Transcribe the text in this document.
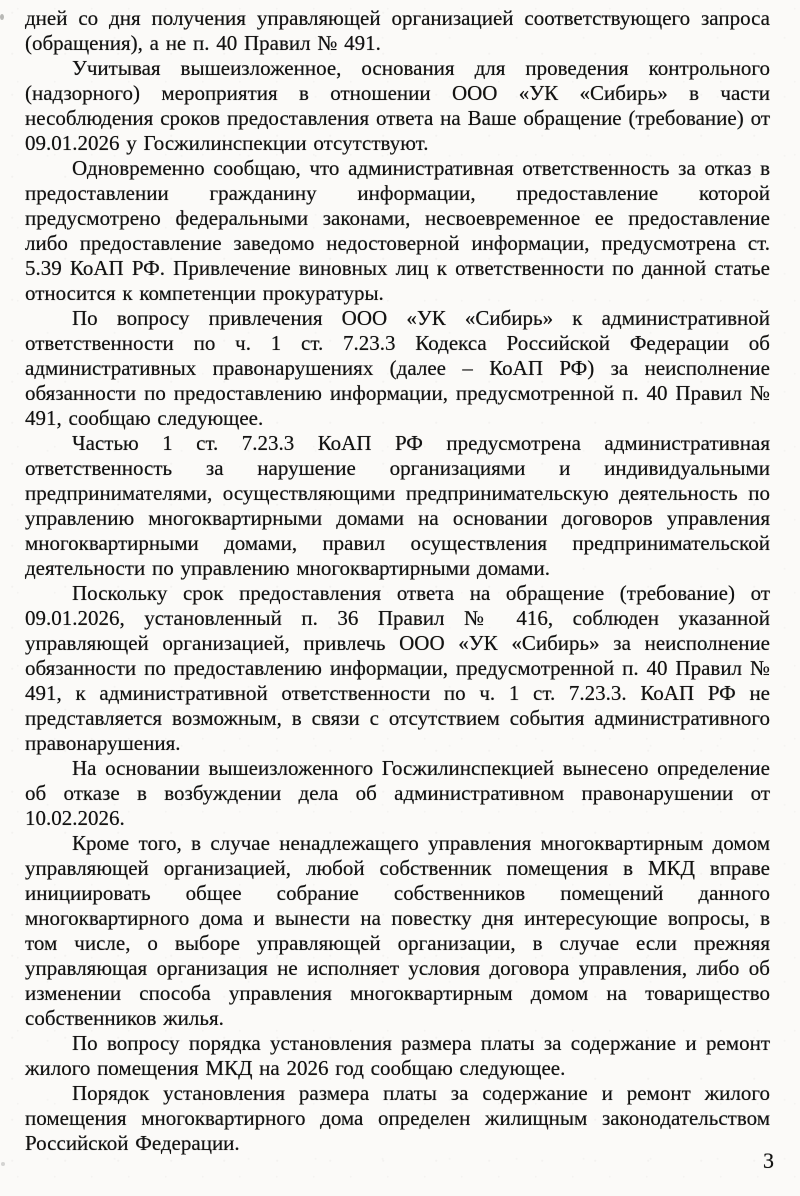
дней со дня получения управляющей организацией соответствующего запроса (обращения), а не п. 40 Правил № 491.

Учитывая вышеизложенное, основания для проведения контрольного (надзорного) мероприятия в отношении ООО «УК «Сибирь» в части несоблюдения сроков предоставления ответа на Ваше обращение (требование) от 09.01.2026 у Госжилинспекции отсутствуют.

Одновременно сообщаю, что административная ответственность за отказ в предоставлении гражданину информации, предоставление которой предусмотрено федеральными законами, несвоевременное ее предоставление либо предоставление заведомо недостоверной информации, предусмотрена ст. 5.39 КоАП РФ. Привлечение виновных лиц к ответственности по данной статье относится к компетенции прокуратуры.

По вопросу привлечения ООО «УК «Сибирь» к административной ответственности по ч. 1 ст. 7.23.3 Кодекса Российской Федерации об административных правонарушениях (далее – КоАП РФ) за неисполнение обязанности по предоставлению информации, предусмотренной п. 40 Правил № 491, сообщаю следующее.

Частью 1 ст. 7.23.3 КоАП РФ предусмотрена административная ответственность за нарушение организациями и индивидуальными предпринимателями, осуществляющими предпринимательскую деятельность по управлению многоквартирными домами на основании договоров управления многоквартирными домами, правил осуществления предпринимательской деятельности по управлению многоквартирными домами.

Поскольку срок предоставления ответа на обращение (требование) от 09.01.2026, установленный п. 36 Правил № 416, соблюден указанной управляющей организацией, привлечь ООО «УК «Сибирь» за неисполнение обязанности по предоставлению информации, предусмотренной п. 40 Правил № 491, к административной ответственности по ч. 1 ст. 7.23.3. КоАП РФ не представляется возможным, в связи с отсутствием события административного правонарушения.

На основании вышеизложенного Госжилинспекцией вынесено определение об отказе в возбуждении дела об административном правонарушении от 10.02.2026.

Кроме того, в случае ненадлежащего управления многоквартирным домом управляющей организацией, любой собственник помещения в МКД вправе инициировать общее собрание собственников помещений данного многоквартирного дома и вынести на повестку дня интересующие вопросы, в том числе, о выборе управляющей организации, в случае если прежняя управляющая организация не исполняет условия договора управления, либо об изменении способа управления многоквартирным домом на товарищество собственников жилья.

По вопросу порядка установления размера платы за содержание и ремонт жилого помещения МКД на 2026 год сообщаю следующее.

Порядок установления размера платы за содержание и ремонт жилого помещения многоквартирного дома определен жилищным законодательством Российской Федерации.

3
